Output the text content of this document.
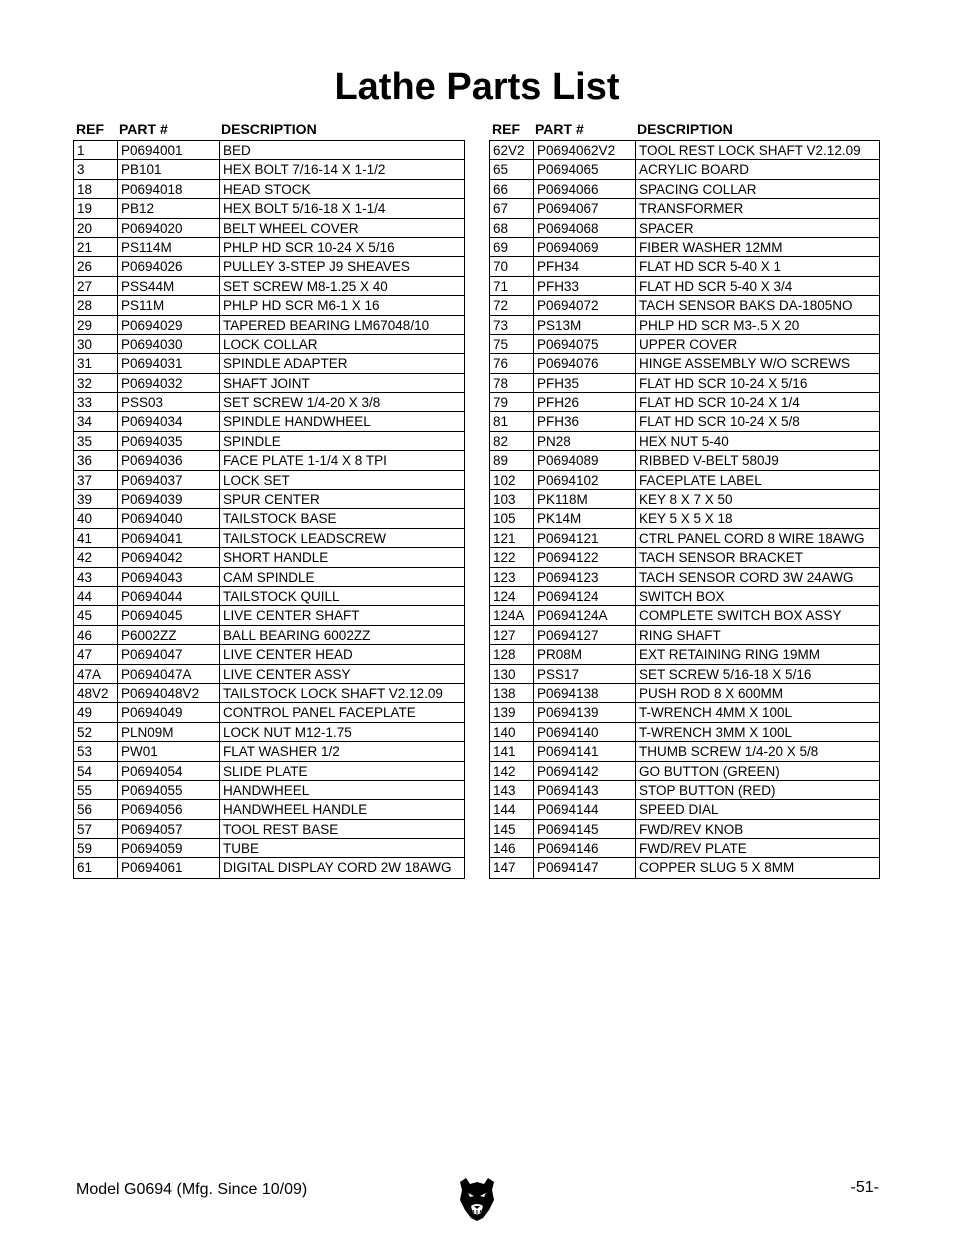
Lathe Parts List
REF	PART #	DESCRIPTION
1	P0694001	BED
3	PB101	HEX BOLT 7/16-14 X 1-1/2
18	P0694018	HEAD STOCK
19	PB12	HEX BOLT 5/16-18 X 1-1/4
20	P0694020	BELT WHEEL COVER
21	PS114M	PHLP HD SCR 10-24 X 5/16
26	P0694026	PULLEY 3-STEP J9 SHEAVES
27	PSS44M	SET SCREW M8-1.25 X 40
28	PS11M	PHLP HD SCR M6-1 X 16
29	P0694029	TAPERED BEARING LM67048/10
30	P0694030	LOCK COLLAR
31	P0694031	SPINDLE ADAPTER
32	P0694032	SHAFT JOINT
33	PSS03	SET SCREW 1/4-20 X 3/8
34	P0694034	SPINDLE HANDWHEEL
35	P0694035	SPINDLE
36	P0694036	FACE PLATE 1-1/4 X 8 TPI
37	P0694037	LOCK SET
39	P0694039	SPUR CENTER
40	P0694040	TAILSTOCK BASE
41	P0694041	TAILSTOCK LEADSCREW
42	P0694042	SHORT HANDLE
43	P0694043	CAM SPINDLE
44	P0694044	TAILSTOCK QUILL
45	P0694045	LIVE CENTER SHAFT
46	P6002ZZ	BALL BEARING 6002ZZ
47	P0694047	LIVE CENTER HEAD
47A	P0694047A	LIVE CENTER ASSY
48V2 P0694048V2	TAILSTOCK LOCK SHAFT V2.12.09
49	P0694049	CONTROL PANEL FACEPLATE
52	PLN09M	LOCK NUT M12-1.75
53	PW01	FLAT WASHER 1/2
54	P0694054	SLIDE PLATE
55	P0694055	HANDWHEEL
56	P0694056	HANDWHEEL HANDLE
57	P0694057	TOOL REST BASE
59	P0694059	TUBE
61	P0694061	DIGITAL DISPLAY CORD 2W 18AWG
REF	PART #	DESCRIPTION
62V2 P0694062V2	TOOL REST LOCK SHAFT V2.12.09
65	P0694065	ACRYLIC BOARD
66	P0694066	SPACING COLLAR
67	P0694067	TRANSFORMER
68	P0694068	SPACER
69	P0694069	FIBER WASHER 12MM
70	PFH34	FLAT HD SCR 5-40 X 1
71	PFH33	FLAT HD SCR 5-40 X 3/4
72	P0694072	TACH SENSOR BAKS DA-1805NO
73	PS13M	PHLP HD SCR M3-.5 X 20
75	P0694075	UPPER COVER
76	P0694076	HINGE ASSEMBLY W/O SCREWS
78	PFH35	FLAT HD SCR 10-24 X 5/16
79	PFH26	FLAT HD SCR 10-24 X 1/4
81	PFH36	FLAT HD SCR 10-24 X 5/8
82	PN28	HEX NUT 5-40
89	P0694089	RIBBED V-BELT 580J9
102	P0694102	FACEPLATE LABEL
103	PK118M	KEY 8 X 7 X 50
105	PK14M	KEY 5 X 5 X 18
121	P0694121	CTRL PANEL CORD 8 WIRE 18AWG
122	P0694122	TACH SENSOR BRACKET
123	P0694123	TACH SENSOR CORD 3W 24AWG
124	P0694124	SWITCH BOX
124A P0694124A	COMPLETE SWITCH BOX ASSY
127	P0694127	RING SHAFT
128	PR08M	EXT RETAINING RING 19MM
130	PSS17	SET SCREW 5/16-18 X 5/16
138	P0694138	PUSH ROD 8 X 600MM
139	P0694139	T-WRENCH 4MM X 100L
140	P0694140	T-WRENCH 3MM X 100L
141	P0694141	THUMB SCREW 1/4-20 X 5/8
142	P0694142	GO BUTTON (GREEN)
143	P0694143	STOP BUTTON (RED)
144	P0694144	SPEED DIAL
145	P0694145	FWD/REV KNOB
146	P0694146	FWD/REV PLATE
147	P0694147	COPPER SLUG 5 X 8MM
Model G0694 (Mfg. Since 10/09)	-51-
